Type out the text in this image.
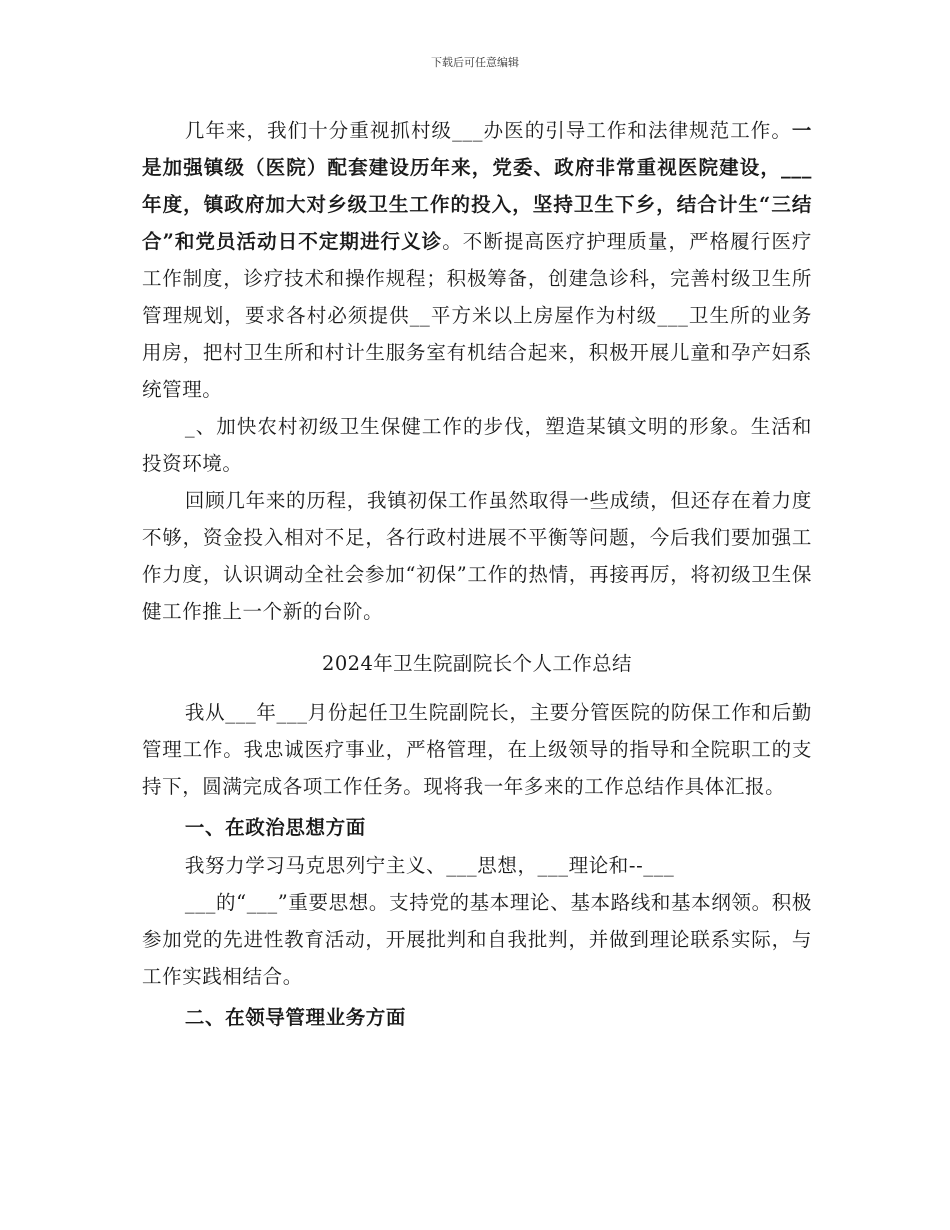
下载后可任意编辑

几年来，我们十分重视抓村级___办医的引导工作和法律规范工作。一是加强镇级（医院）配套建设历年来，党委、政府非常重视医院建设，___年度，镇政府加大对乡级卫生工作的投入，坚持卫生下乡，结合计生“三结合”和党员活动日不定期进行义诊。不断提高医疗护理质量，严格履行医疗工作制度，诊疗技术和操作规程；积极筹备，创建急诊科，完善村级卫生所管理规划，要求各村必须提供__平方米以上房屋作为村级___卫生所的业务用房，把村卫生所和村计生服务室有机结合起来，积极开展儿童和孕产妇系统管理。

_、加快农村初级卫生保健工作的步伐，塑造某镇文明的形象。生活和投资环境。

回顾几年来的历程，我镇初保工作虽然取得一些成绩，但还存在着力度不够，资金投入相对不足，各行政村进展不平衡等问题，今后我们要加强工作力度，认识调动全社会参加“初保”工作的热情，再接再厉，将初级卫生保健工作推上一个新的台阶。

2024年卫生院副院长个人工作总结

我从___年___月份起任卫生院副院长，主要分管医院的防保工作和后勤管理工作。我忠诚医疗事业，严格管理，在上级领导的指导和全院职工的支持下，圆满完成各项工作任务。现将我一年多来的工作总结作具体汇报。

一、在政治思想方面

我努力学习马克思列宁主义、___思想，___理论和--___

___的“___”重要思想。支持党的基本理论、基本路线和基本纲领。积极参加党的先进性教育活动，开展批判和自我批判，并做到理论联系实际，与工作实践相结合。

二、在领导管理业务方面
